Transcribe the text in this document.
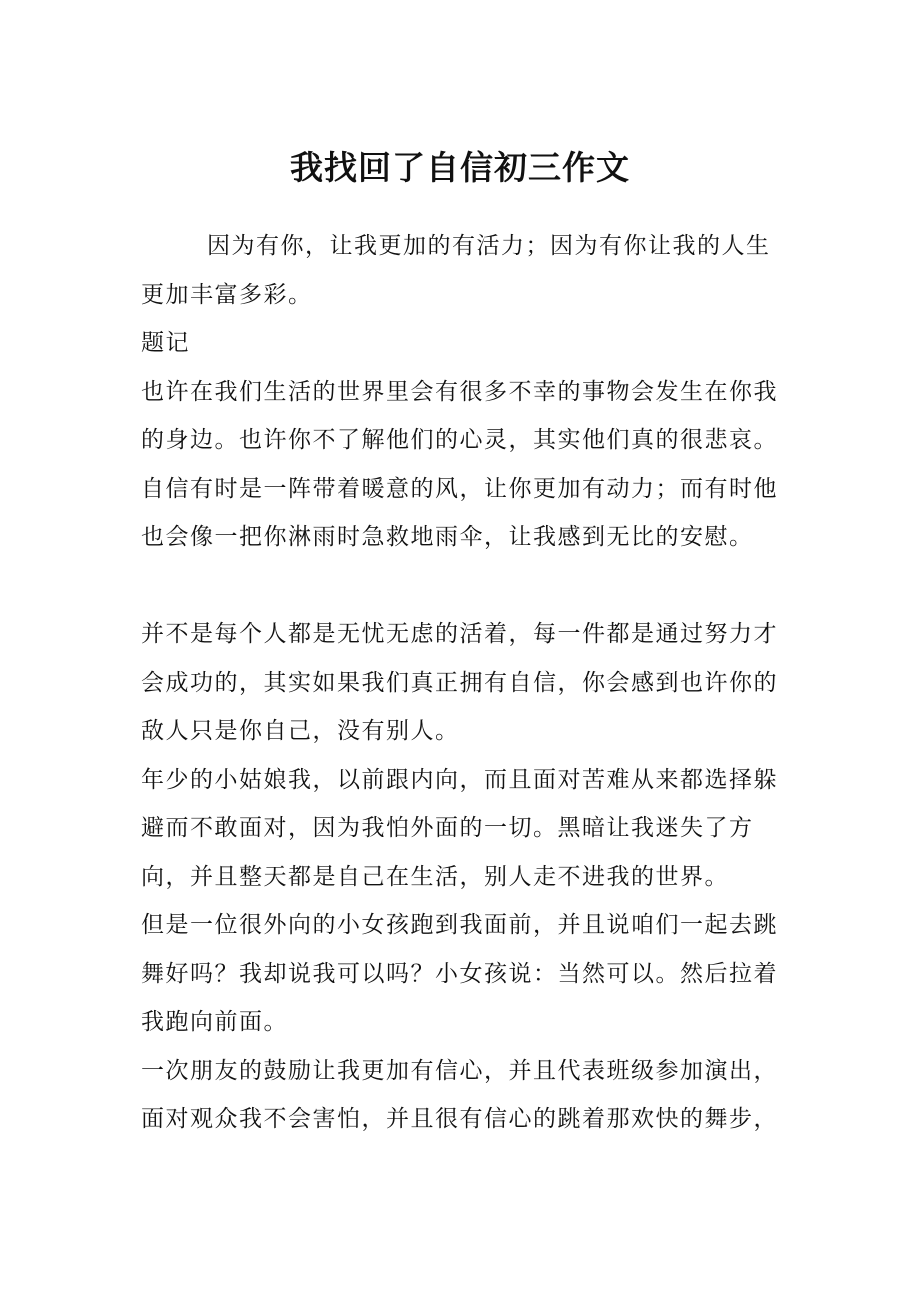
我找回了自信初三作文

因为有你，让我更加的有活力；因为有你让我的人生更加丰富多彩。

题记

也许在我们生活的世界里会有很多不幸的事物会发生在你我的身边。也许你不了解他们的心灵，其实他们真的很悲哀。

自信有时是一阵带着暖意的风，让你更加有动力；而有时他也会像一把你淋雨时急救地雨伞，让我感到无比的安慰。

并不是每个人都是无忧无虑的活着，每一件都是通过努力才会成功的，其实如果我们真正拥有自信，你会感到也许你的敌人只是你自己，没有别人。

年少的小姑娘我，以前跟内向，而且面对苦难从来都选择躲避而不敢面对，因为我怕外面的一切。黑暗让我迷失了方向，并且整天都是自己在生活，别人走不进我的世界。

但是一位很外向的小女孩跑到我面前，并且说咱们一起去跳舞好吗？我却说我可以吗？小女孩说：当然可以。然后拉着我跑向前面。

一次朋友的鼓励让我更加有信心，并且代表班级参加演出，面对观众我不会害怕，并且很有信心的跳着那欢快的舞步，
